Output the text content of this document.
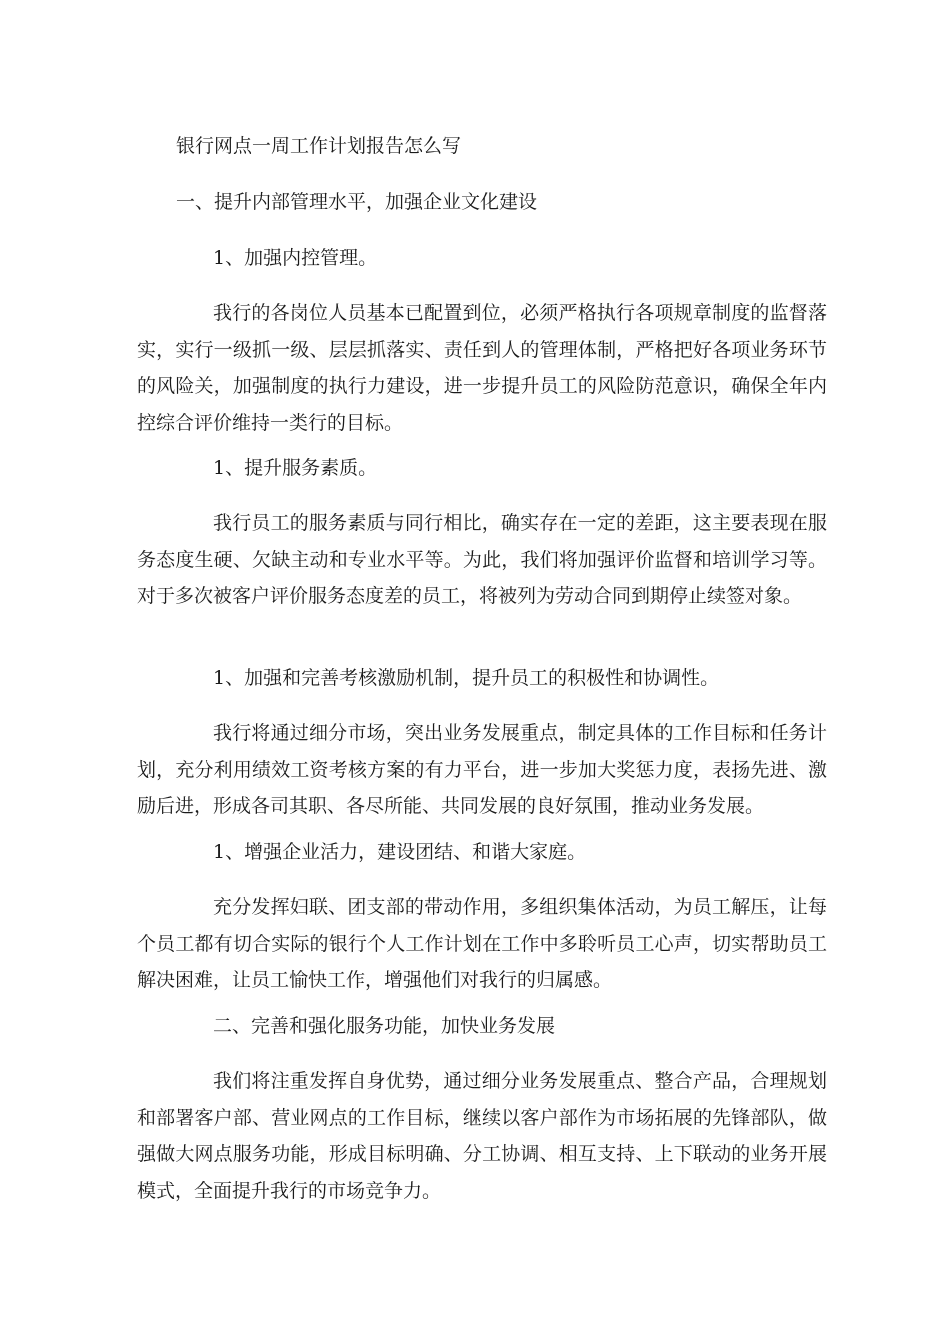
银行网点一周工作计划报告怎么写
一、提升内部管理水平，加强企业文化建设
1、加强内控管理。

我行的各岗位人员基本已配置到位，必须严格执行各项规章制度的监督落实，实行一级抓一级、层层抓落实、责任到人的管理体制，严格把好各项业务环节的风险关，加强制度的执行力建设，进一步提升员工的风险防范意识，确保全年内控综合评价维持一类行的目标。

1、提升服务素质。

我行员工的服务素质与同行相比，确实存在一定的差距，这主要表现在服务态度生硬、欠缺主动和专业水平等。为此，我们将加强评价监督和培训学习等。对于多次被客户评价服务态度差的员工，将被列为劳动合同到期停止续签对象。

1、加强和完善考核激励机制，提升员工的积极性和协调性。

我行将通过细分市场，突出业务发展重点，制定具体的工作目标和任务计划，充分利用绩效工资考核方案的有力平台，进一步加大奖惩力度，表扬先进、激励后进，形成各司其职、各尽所能、共同发展的良好氛围，推动业务发展。

1、增强企业活力，建设团结、和谐大家庭。

充分发挥妇联、团支部的带动作用，多组织集体活动，为员工解压，让每个员工都有切合实际的银行个人工作计划在工作中多聆听员工心声，切实帮助员工解决困难，让员工愉快工作，增强他们对我行的归属感。

二、完善和强化服务功能，加快业务发展

我们将注重发挥自身优势，通过细分业务发展重点、整合产品，合理规划和部署客户部、营业网点的工作目标，继续以客户部作为市场拓展的先锋部队，做强做大网点服务功能，形成目标明确、分工协调、相互支持、上下联动的业务开展模式，全面提升我行的市场竞争力。
